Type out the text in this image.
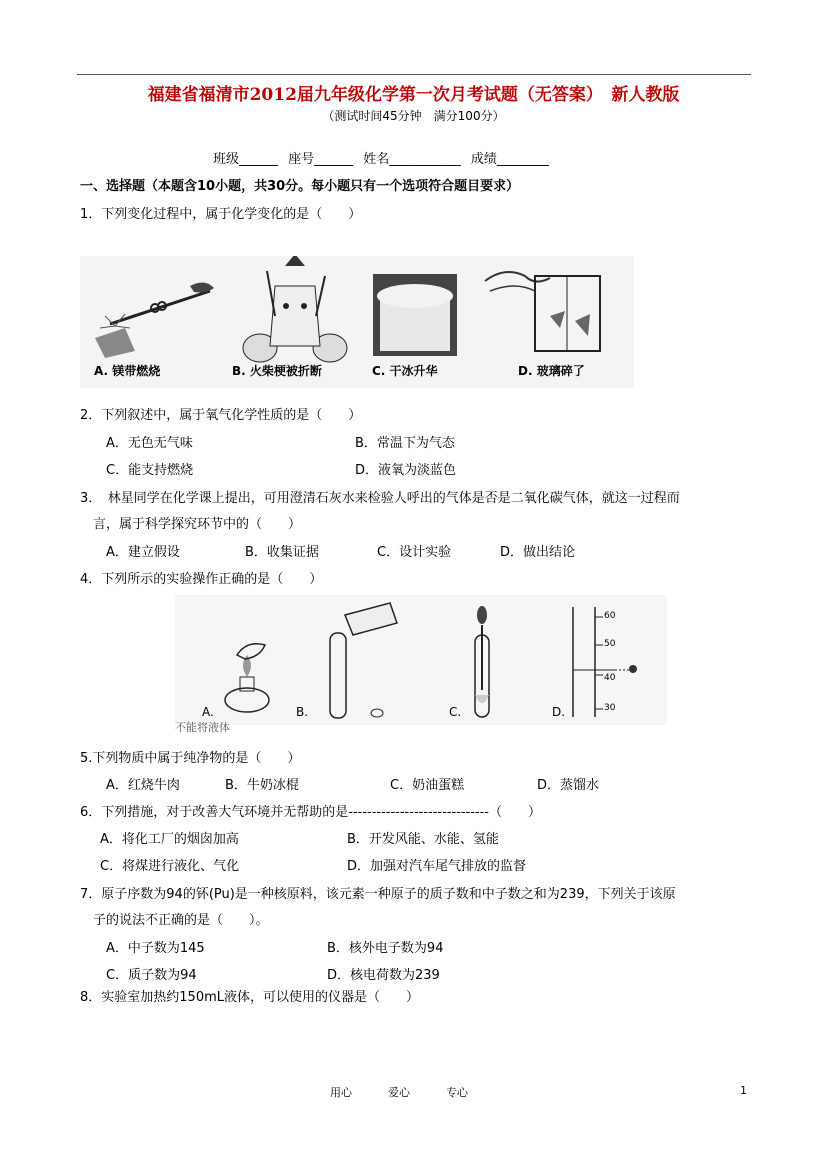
福建省福清市2012届九年级化学第一次月考试题（无答案）　新人教版
（测试时间45分钟　满分100分）
班级______ 座号______ 姓名___________ 成绩________
一、选择题（本题含10小题，共30分。每小题只有一个选项符合题目要求）
1．下列变化过程中，属于化学变化的是（　　）
A. 镁带燃烧	B. 火柴梗被折断	C. 干冰升华	D. 玻璃碎了
2．下列叙述中，属于氧气化学性质的是（　　）
A．无色无气味	B．常温下为气态
C．能支持燃烧	D．液氧为淡蓝色
3．　林星同学在化学课上提出，可用澄清石灰水来检验人呼出的气体是否是二氧化碳气体，就这一过程而
言，属于科学探究环节中的（　　）
A．建立假设	B．收集证据	C．设计实验	D．做出结论
4．下列所示的实验操作正确的是（　　）
A.	B.	C.	D.
60
50
40
30
不能将液体
5.下列物质中属于纯净物的是（　　）
A．红烧牛肉	B．牛奶冰棍	C．奶油蛋糕	D．蒸馏水
6．下列措施，对于改善大气环境并无帮助的是------------------------------（　　）
A．将化工厂的烟囱加高	B．开发风能、水能、氢能
C．将煤进行液化、气化	D．加强对汽车尾气排放的监督
7．原子序数为94的钚(Pu)是一种核原料，该元素一种原子的质子数和中子数之和为239，下列关于该原
子的说法不正确的是（　　）。
A．中子数为145	B．核外电子数为94
C．质子数为94	D．核电荷数为239
8．实验室加热约150mL液体，可以使用的仪器是（　　）
用心	爱心	专心	1
